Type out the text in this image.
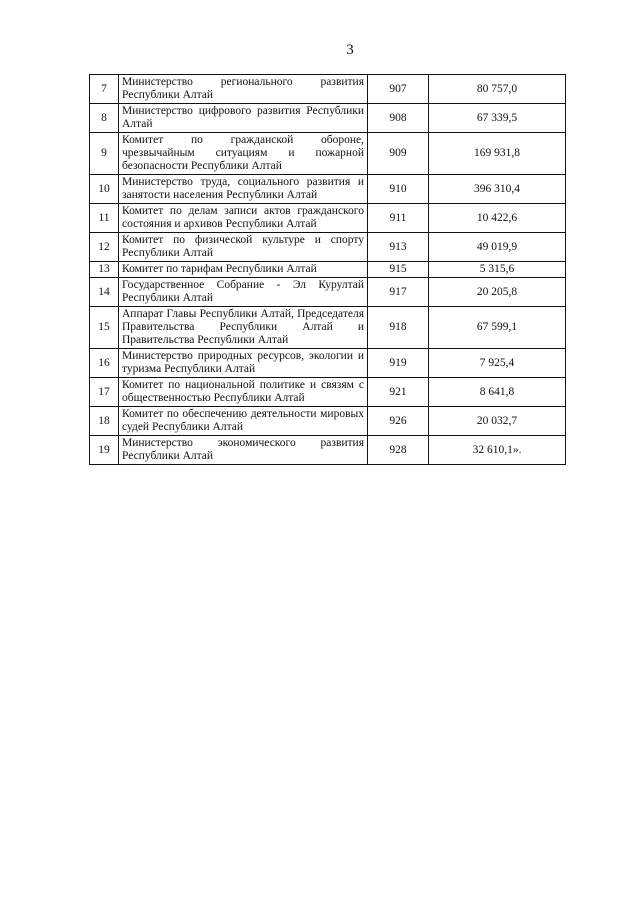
3
7	Министерство регионального развития Республики Алтай	907	80 757,0
8	Министерство цифрового развития Республики Алтай	908	67 339,5
9	Комитет по гражданской обороне, чрезвычайным ситуациям и пожарной безопасности Республики Алтай	909	169 931,8
10	Министерство труда, социального развития и занятости населения Республики Алтай	910	396 310,4
11	Комитет по делам записи актов гражданского состояния и архивов Республики Алтай	911	10 422,6
12	Комитет по физической культуре и спорту Республики Алтай	913	49 019,9
13	Комитет по тарифам Республики Алтай	915	5 315,6
14	Государственное Собрание - Эл Курултай Республики Алтай	917	20 205,8
15	Аппарат Главы Республики Алтай, Председателя Правительства Республики Алтай и Правительства Республики Алтай	918	67 599,1
16	Министерство природных ресурсов, экологии и туризма Республики Алтай	919	7 925,4
17	Комитет по национальной политике и связям с общественностью Республики Алтай	921	8 641,8
18	Комитет по обеспечению деятельности мировых судей Республики Алтай	926	20 032,7
19	Министерство экономического развития Республики Алтай	928	32 610,1».
